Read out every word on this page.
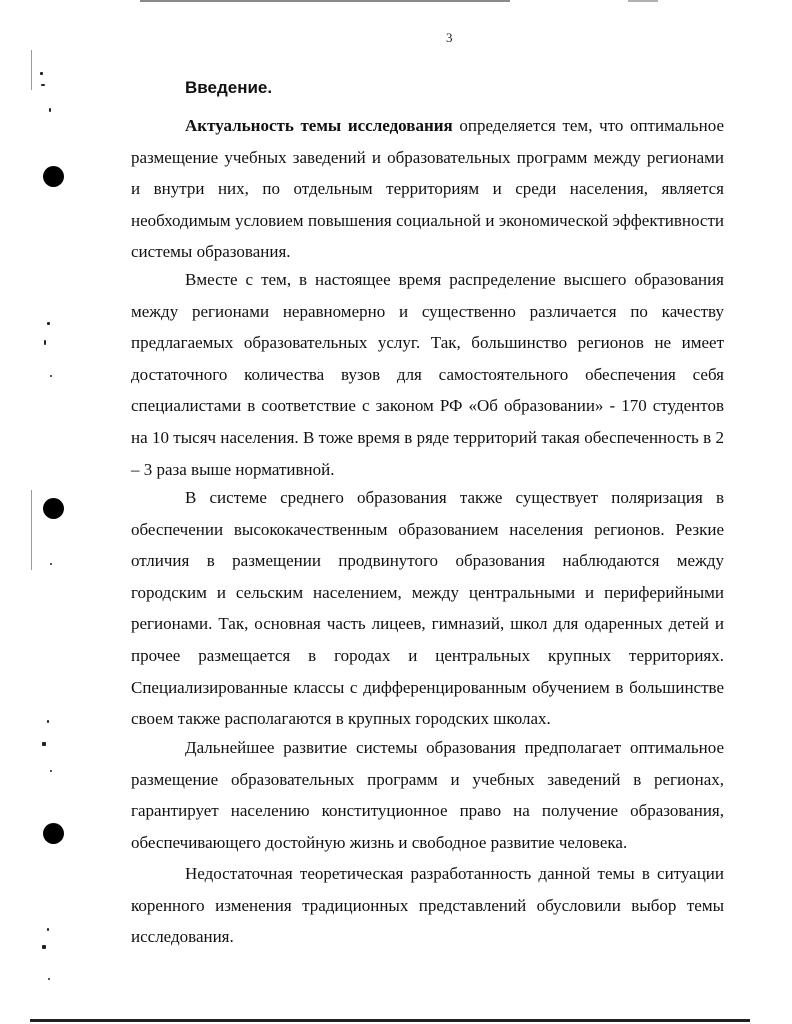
3
Введение.

Актуальность темы исследования определяется тем, что оптимальное размещение учебных заведений и образовательных программ между регионами и внутри них, по отдельным территориям и среди населения, является необходимым условием повышения социальной и экономической эффективности системы образования.

Вместе с тем, в настоящее время распределение высшего образования между регионами неравномерно и существенно различается по качеству предлагаемых образовательных услуг. Так, большинство регионов не имеет достаточного количества вузов для самостоятельного обеспечения себя специалистами в соответствие с законом РФ «Об образовании» - 170 студентов на 10 тысяч населения. В тоже время в ряде территорий такая обеспеченность в 2 – 3 раза выше нормативной.

В системе среднего образования также существует поляризация в обеспечении высококачественным образованием населения регионов. Резкие отличия в размещении продвинутого образования наблюдаются между городским и сельским населением, между центральными и периферийными регионами. Так, основная часть лицеев, гимназий, школ для одаренных детей и прочее размещается в городах и центральных крупных территориях. Специализированные классы с дифференцированным обучением в большинстве своем также располагаются в крупных городских школах.

Дальнейшее развитие системы образования предполагает оптимальное размещение образовательных программ и учебных заведений в регионах, гарантирует населению конституционное право на получение образования, обеспечивающего достойную жизнь и свободное развитие человека.

Недостаточная теоретическая разработанность данной темы в ситуации коренного изменения традиционных представлений обусловили выбор темы исследования.
